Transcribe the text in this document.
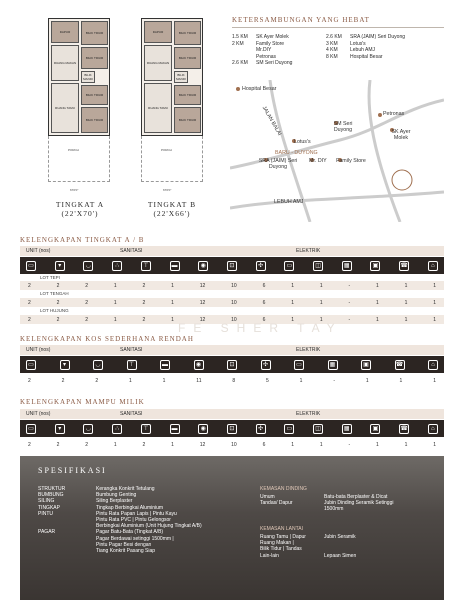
DAPUR	BILIK TIDUR
RUANG MAKAN
BILIK TIDUR
BILIK MANDI
BILIK TIDUR
RUANG TAMU
BILIK TIDUR
PORCH
670'0"
DAPUR	BILIK TIDUR
RUANG MAKAN
BILIK TIDUR
BILIK MANDI
BILIK TIDUR
RUANG TAMU
BILIK TIDUR
PORCH
670'0"
TINGKAT A
(22'X70')
TINGKAT B
(22'X66')
KETERSAMBUNGAN YANG HEBAT
1.5 KM SK Ayer Molek
2 KM Family Store
Mr.DIY
Petronas
2.6 KM SM Seri Duyong
2.6 KM SRA (JAIM) Seri Duyong
3 KM Lotus's
4 KM Lebuh AMJ
8 KM Hospital Besar
Hospital Besar
Petronas
SM Seri Duyong	SK Ayer Molek
Lotus's
BARU - DUYONG
SRA (JAIM) Seri Duyong
Mr. DIY Family Store
JALAN BALAI
LEBUH AMJ
KELENGKAPAN TINGKAT A / B
UNIT (nos)	SANITASI	ELEKTRIK
▭	▾	◡	∴	⊤	▬	◉	⊡	✣	▭	◫	▦	▣	☎	⌂
LOT TEPI
2	2	2	1	2	1	12	10	6	1	1	-	1	1	1
LOT TENGAH
2	2	2	1	2	1	12	10	6	1	1	-	1	1	1
LOT HUJUNG
2	2	2	1	2	1	12	10	6	1	1	-	1	1	1
FE SHER TAY
KELENGKAPAN KOS SEDERHANA RENDAH
UNIT (nos)	SANITASI	ELEKTRIK
▭	▾	◡	⊤	▬	◉	⊡	✣	▭	▦	▣	☎	⌂
2	2	2	1	1	11	8	5	1	-	1	1	1
KELENGKAPAN MAMPU MILIK
UNIT (nos)	SANITASI	ELEKTRIK
▭	▾	◡	∴	⊤	▬	◉	⊡	✣	▭	◫	▦	▣	☎	⌂
2	2	2	1	2	1	12	10	6	1	1	-	1	1	1
SPESIFIKASI
STRUKTUR	Kerangka Konkrit Tetulang
BUMBUNG	Bumbung Genting
SILING	Siling Berplaster
TINGKAP	Tingkap Berbingkai Aluminium
PINTU	Pintu Rata Papan Lapis | Pintu Kayu
Pintu Rata PVC | Pintu Gelongsor
Berbingkai Aluminium (Unit Hujung Tingkat A/B)
PAGAR	Pagar Batu-Bata (Tingkat A/B)
Pagar Berdawai setinggi 1500mm |
Pintu Pagar Besi dengan
Tiang Konkrit Pasang Siap
KEMASAN DINDING
Umum	Batu-bata Berplaster & Dicat
Tandas/ Dapur	Jubin Dinding Seramik Setinggi
1500mm
KEMASAN LANTAI
Ruang Tamu | Dapur	Jubin Seramik
Ruang Makan |
Bilik Tidur | Tandas
Lain-lain	Lepaan Simen
